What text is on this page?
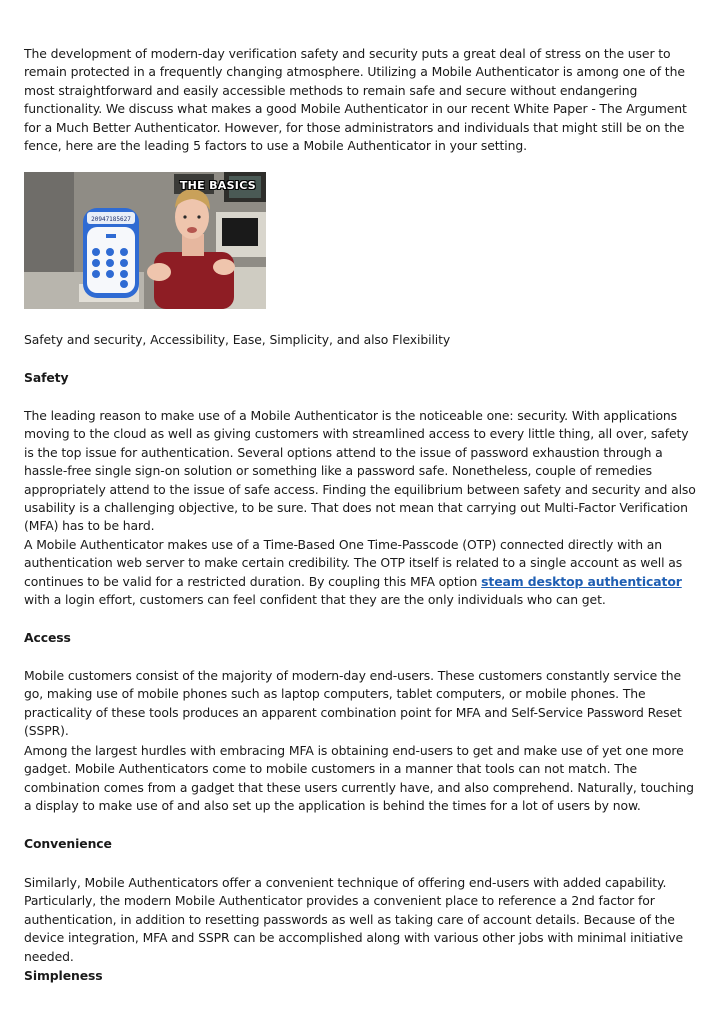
The development of modern-day verification safety and security puts a great deal of stress on the user to remain protected in a frequently changing atmosphere. Utilizing a Mobile Authenticator is among one of the most straightforward and easily accessible methods to remain safe and secure without endangering functionality. We discuss what makes a good Mobile Authenticator in our recent White Paper - The Argument for a Much Better Authenticator. However, for those administrators and individuals that might still be on the fence, here are the leading 5 factors to use a Mobile Authenticator in your setting.

THE BASICS
20947185627

Safety and security, Accessibility, Ease, Simplicity, and also Flexibility

Safety

The leading reason to make use of a Mobile Authenticator is the noticeable one: security. With applications moving to the cloud as well as giving customers with streamlined access to every little thing, all over, safety is the top issue for authentication. Several options attend to the issue of password exhaustion through a hassle-free single sign-on solution or something like a password safe. Nonetheless, couple of remedies appropriately attend to the issue of safe access. Finding the equilibrium between safety and security and also usability is a challenging objective, to be sure. That does not mean that carrying out Multi-Factor Verification (MFA) has to be hard.

A Mobile Authenticator makes use of a Time-Based One Time-Passcode (OTP) connected directly with an authentication web server to make certain credibility. The OTP itself is related to a single account as well as continues to be valid for a restricted duration. By coupling this MFA option steam desktop authenticator with a login effort, customers can feel confident that they are the only individuals who can get.

Access

Mobile customers consist of the majority of modern-day end-users. These customers constantly service the go, making use of mobile phones such as laptop computers, tablet computers, or mobile phones. The practicality of these tools produces an apparent combination point for MFA and Self-Service Password Reset (SSPR).

Among the largest hurdles with embracing MFA is obtaining end-users to get and make use of yet one more gadget. Mobile Authenticators come to mobile customers in a manner that tools can not match. The combination comes from a gadget that these users currently have, and also comprehend. Naturally, touching a display to make use of and also set up the application is behind the times for a lot of users by now.

Convenience

Similarly, Mobile Authenticators offer a convenient technique of offering end-users with added capability. Particularly, the modern Mobile Authenticator provides a convenient place to reference a 2nd factor for authentication, in addition to resetting passwords as well as taking care of account details. Because of the device integration, MFA and SSPR can be accomplished along with various other jobs with minimal initiative needed.

Simpleness
